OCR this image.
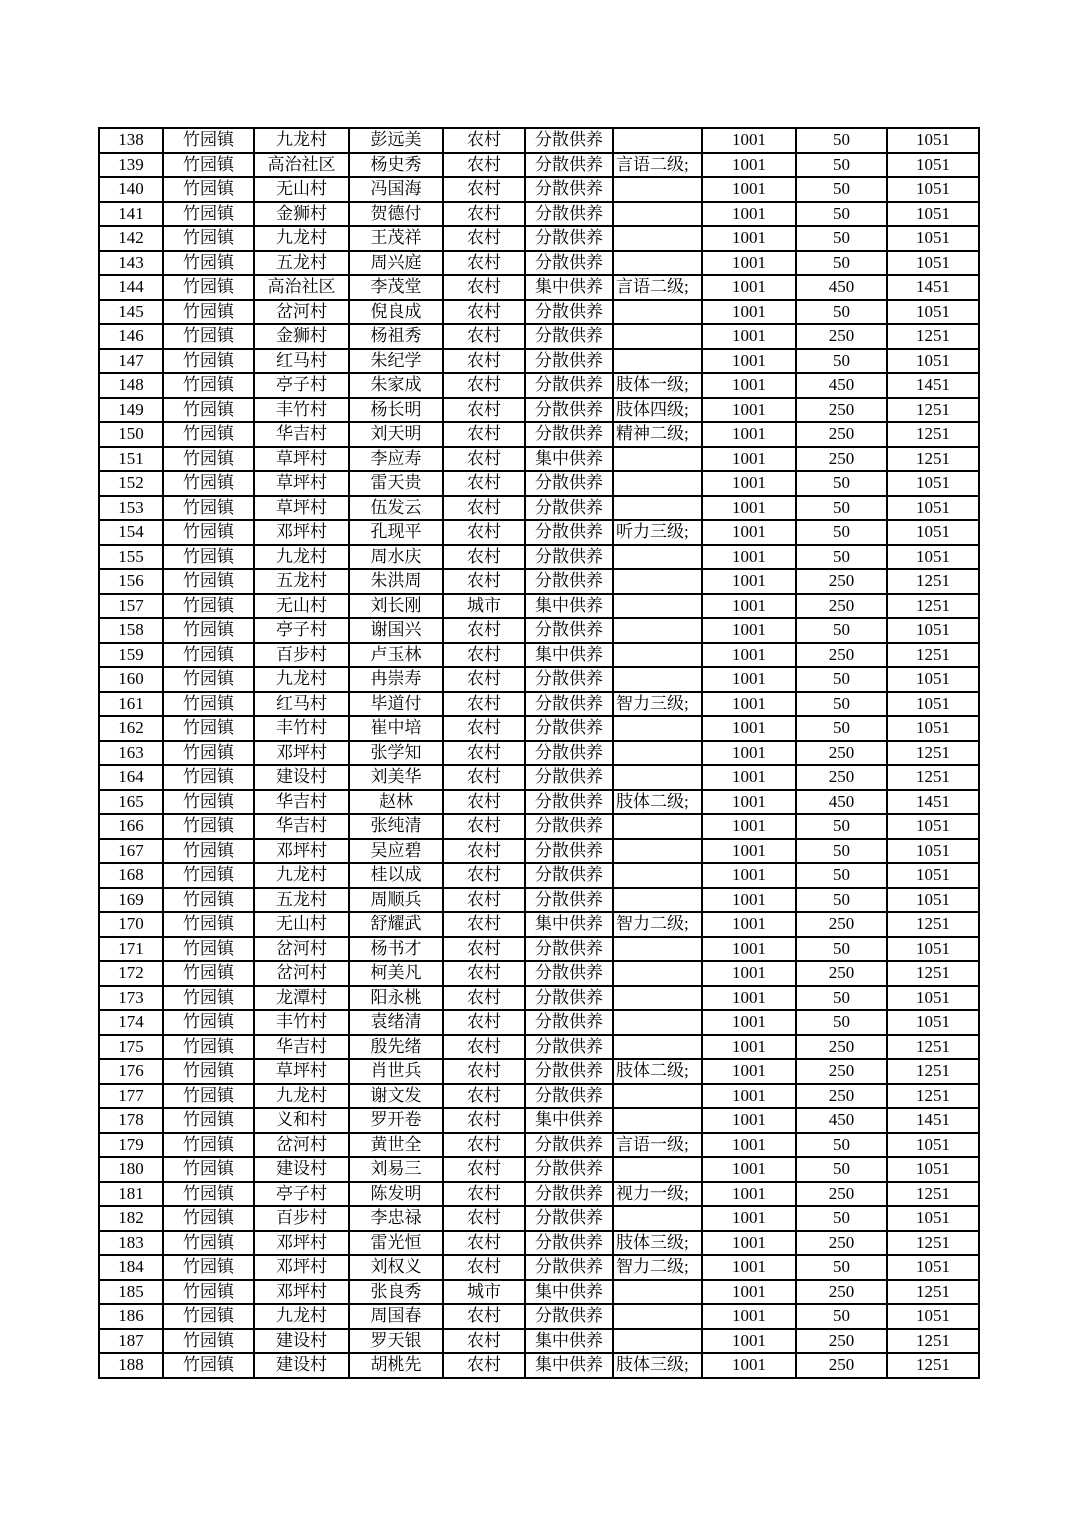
138	竹园镇	九龙村	彭远美	农村	分散供养		1001	50	1051
139	竹园镇	高治社区	杨史秀	农村	分散供养	言语二级;	1001	50	1051
140	竹园镇	无山村	冯国海	农村	分散供养		1001	50	1051
141	竹园镇	金狮村	贺德付	农村	分散供养		1001	50	1051
142	竹园镇	九龙村	王茂祥	农村	分散供养		1001	50	1051
143	竹园镇	五龙村	周兴庭	农村	分散供养		1001	50	1051
144	竹园镇	高治社区	李茂堂	农村	集中供养	言语二级;	1001	450	1451
145	竹园镇	岔河村	倪良成	农村	分散供养		1001	50	1051
146	竹园镇	金狮村	杨祖秀	农村	分散供养		1001	250	1251
147	竹园镇	红马村	朱纪学	农村	分散供养		1001	50	1051
148	竹园镇	亭子村	朱家成	农村	分散供养	肢体一级;	1001	450	1451
149	竹园镇	丰竹村	杨长明	农村	分散供养	肢体四级;	1001	250	1251
150	竹园镇	华吉村	刘天明	农村	分散供养	精神二级;	1001	250	1251
151	竹园镇	草坪村	李应寿	农村	集中供养		1001	250	1251
152	竹园镇	草坪村	雷天贵	农村	分散供养		1001	50	1051
153	竹园镇	草坪村	伍发云	农村	分散供养		1001	50	1051
154	竹园镇	邓坪村	孔现平	农村	分散供养	听力三级;	1001	50	1051
155	竹园镇	九龙村	周水庆	农村	分散供养		1001	50	1051
156	竹园镇	五龙村	朱洪周	农村	分散供养		1001	250	1251
157	竹园镇	无山村	刘长刚	城市	集中供养		1001	250	1251
158	竹园镇	亭子村	谢国兴	农村	分散供养		1001	50	1051
159	竹园镇	百步村	卢玉林	农村	集中供养		1001	250	1251
160	竹园镇	九龙村	冉崇寿	农村	分散供养		1001	50	1051
161	竹园镇	红马村	毕道付	农村	分散供养	智力三级;	1001	50	1051
162	竹园镇	丰竹村	崔中培	农村	分散供养		1001	50	1051
163	竹园镇	邓坪村	张学知	农村	分散供养		1001	250	1251
164	竹园镇	建设村	刘美华	农村	分散供养		1001	250	1251
165	竹园镇	华吉村	赵林	农村	分散供养	肢体二级;	1001	450	1451
166	竹园镇	华吉村	张纯清	农村	分散供养		1001	50	1051
167	竹园镇	邓坪村	吴应碧	农村	分散供养		1001	50	1051
168	竹园镇	九龙村	桂以成	农村	分散供养		1001	50	1051
169	竹园镇	五龙村	周顺兵	农村	分散供养		1001	50	1051
170	竹园镇	无山村	舒耀武	农村	集中供养	智力二级;	1001	250	1251
171	竹园镇	岔河村	杨书才	农村	分散供养		1001	50	1051
172	竹园镇	岔河村	柯美凡	农村	分散供养		1001	250	1251
173	竹园镇	龙潭村	阳永桃	农村	分散供养		1001	50	1051
174	竹园镇	丰竹村	袁绪清	农村	分散供养		1001	50	1051
175	竹园镇	华吉村	殷先绪	农村	分散供养		1001	250	1251
176	竹园镇	草坪村	肖世兵	农村	分散供养	肢体二级;	1001	250	1251
177	竹园镇	九龙村	谢文发	农村	分散供养		1001	250	1251
178	竹园镇	义和村	罗开卷	农村	集中供养		1001	450	1451
179	竹园镇	岔河村	黄世全	农村	分散供养	言语一级;	1001	50	1051
180	竹园镇	建设村	刘易三	农村	分散供养		1001	50	1051
181	竹园镇	亭子村	陈发明	农村	分散供养	视力一级;	1001	250	1251
182	竹园镇	百步村	李忠禄	农村	分散供养		1001	50	1051
183	竹园镇	邓坪村	雷光恒	农村	分散供养	肢体三级;	1001	250	1251
184	竹园镇	邓坪村	刘权义	农村	分散供养	智力二级;	1001	50	1051
185	竹园镇	邓坪村	张良秀	城市	集中供养		1001	250	1251
186	竹园镇	九龙村	周国春	农村	分散供养		1001	50	1051
187	竹园镇	建设村	罗天银	农村	集中供养		1001	250	1251
188	竹园镇	建设村	胡桃先	农村	集中供养	肢体三级;	1001	250	1251
